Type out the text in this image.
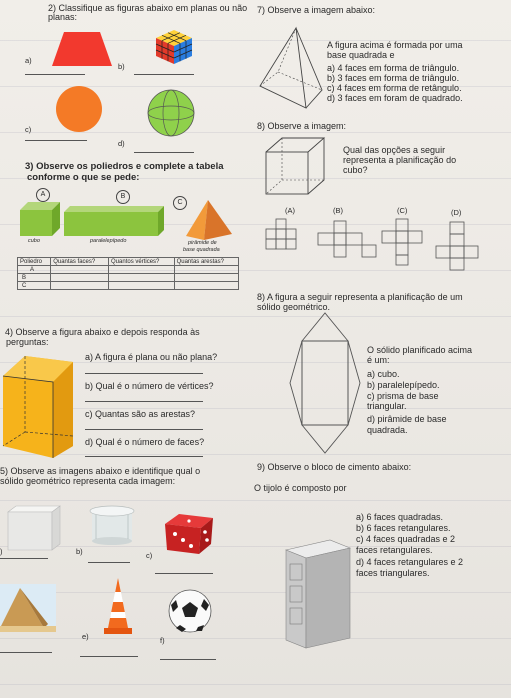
2) Classifique as figuras abaixo em planas ou não
planas:
a)
b)
c)
d)
3) Observe os poliedros e complete a tabela
conforme o que se pede:
A	B
C
cubo	paralelepípedo	pirâmide de
base quadrada
Poliedro	Quantas faces?	Quantos vértices?	Quantas arestas?
A			
B			
C			
4) Observe a figura abaixo e depois responda às
perguntas:
a) A figura é plana ou não plana?
b) Qual é o número de vértices?
c) Quantas são as arestas?
d) Qual é o número de faces?
5) Observe as imagens abaixo e identifique qual o
sólido geométrico representa cada imagem:
)	b)	c)
e)	f)
7) Observe a imagem abaixo:
A figura acima é formada por uma
base quadrada e
a) 4 faces em forma de triângulo.
b) 3 faces em forma de triângulo.
c) 4 faces em forma de retângulo.
d) 3 faces em foram de quadrado.
8) Observe a imagem:
Qual das opções a seguir
representa a planificação do
cubo?
(A)	(B)	(C)	(D)
8) A figura a seguir representa a planificação de um
sólido geométrico.
O sólido planificado acima
é um:
a) cubo.
b) paralelepípedo.
c) prisma de base
triangular.
d) pirâmide de base
quadrada.
9) Observe o bloco de cimento abaixo:
O tijolo é composto por
a) 6 faces quadradas.
b) 6 faces retangulares.
c) 4 faces quadradas e 2
faces retangulares.
d) 4 faces retangulares e 2
faces triangulares.
